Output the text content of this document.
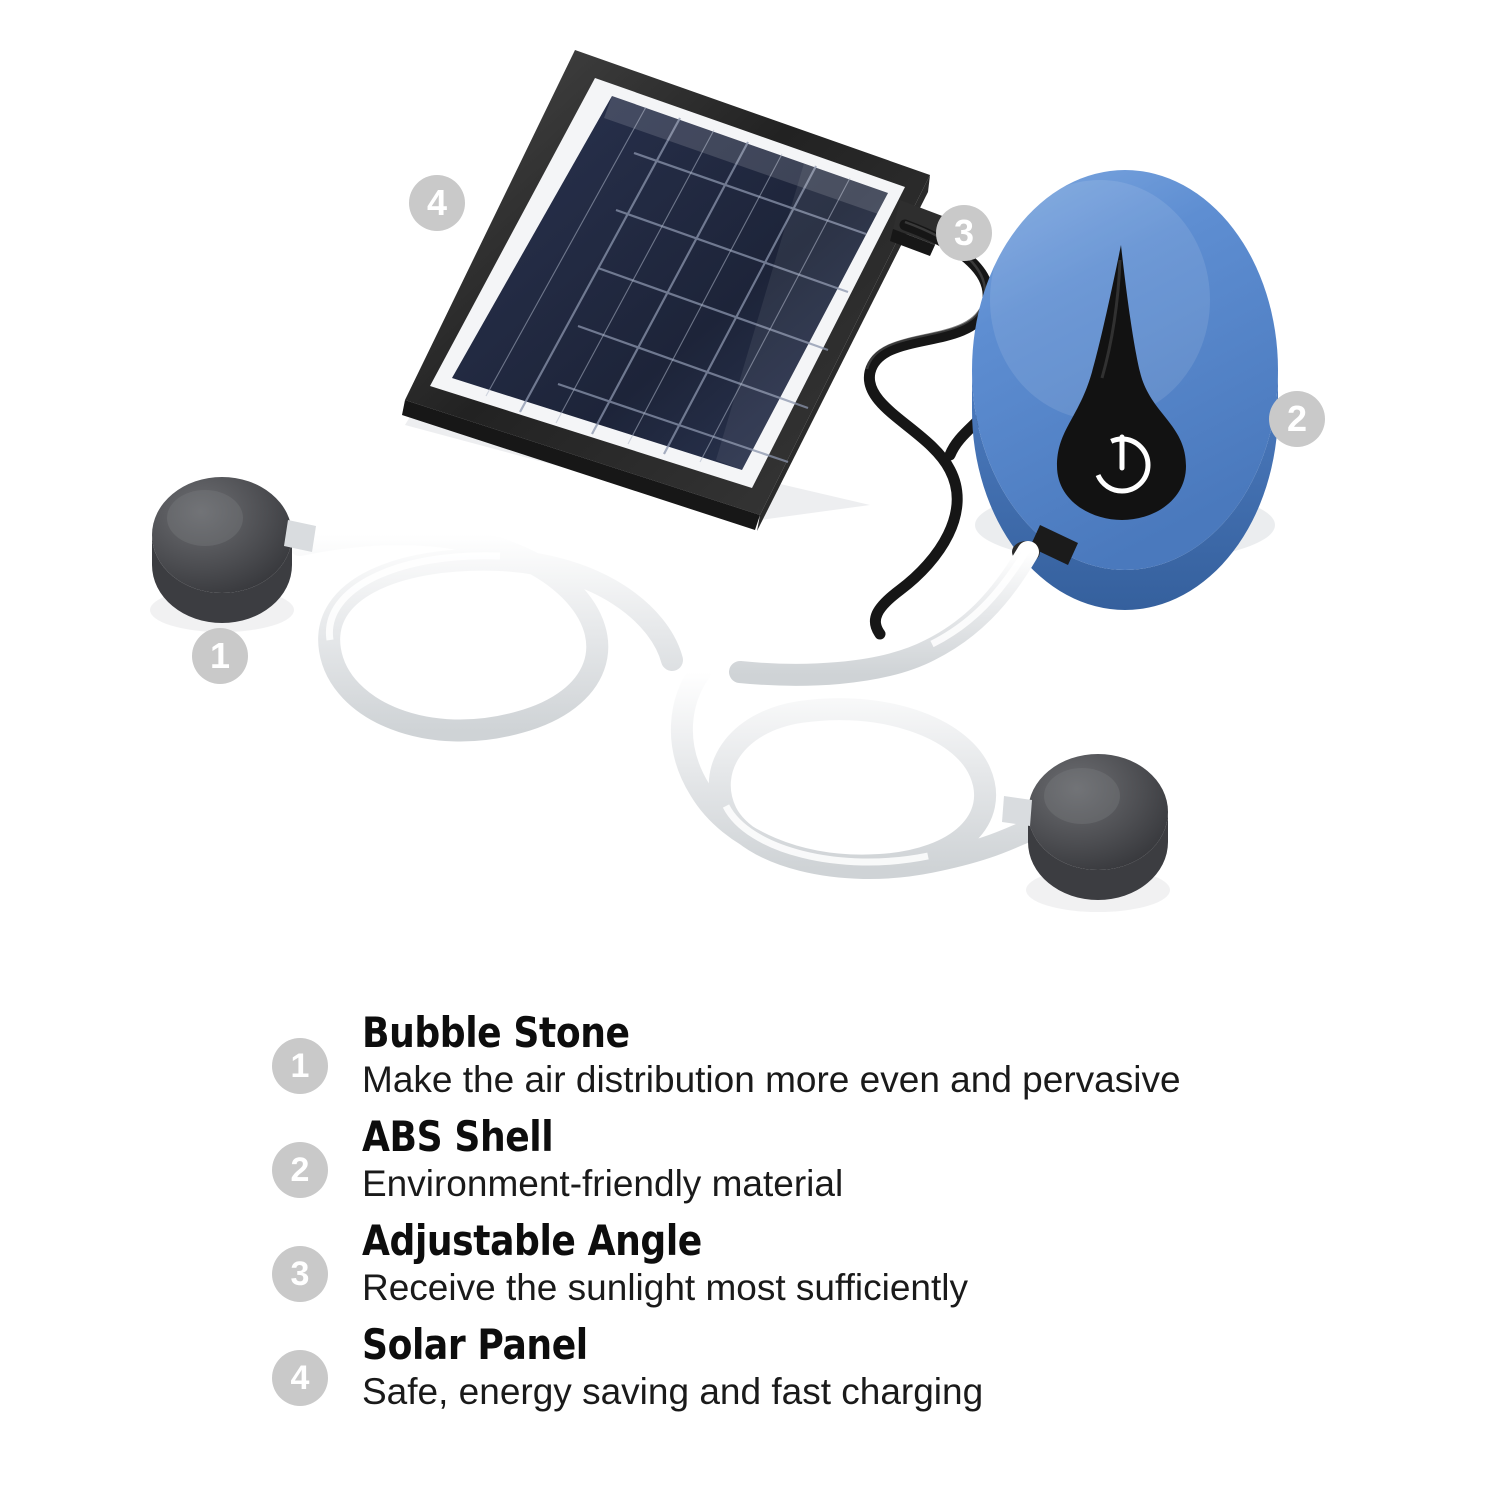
1
2
3
4
1
Bubble Stone
Make the air distribution more even and pervasive
2
ABS Shell
Environment-friendly material
3
Adjustable Angle
Receive the sunlight most sufficiently
4
Solar Panel
Safe, energy saving and fast charging
